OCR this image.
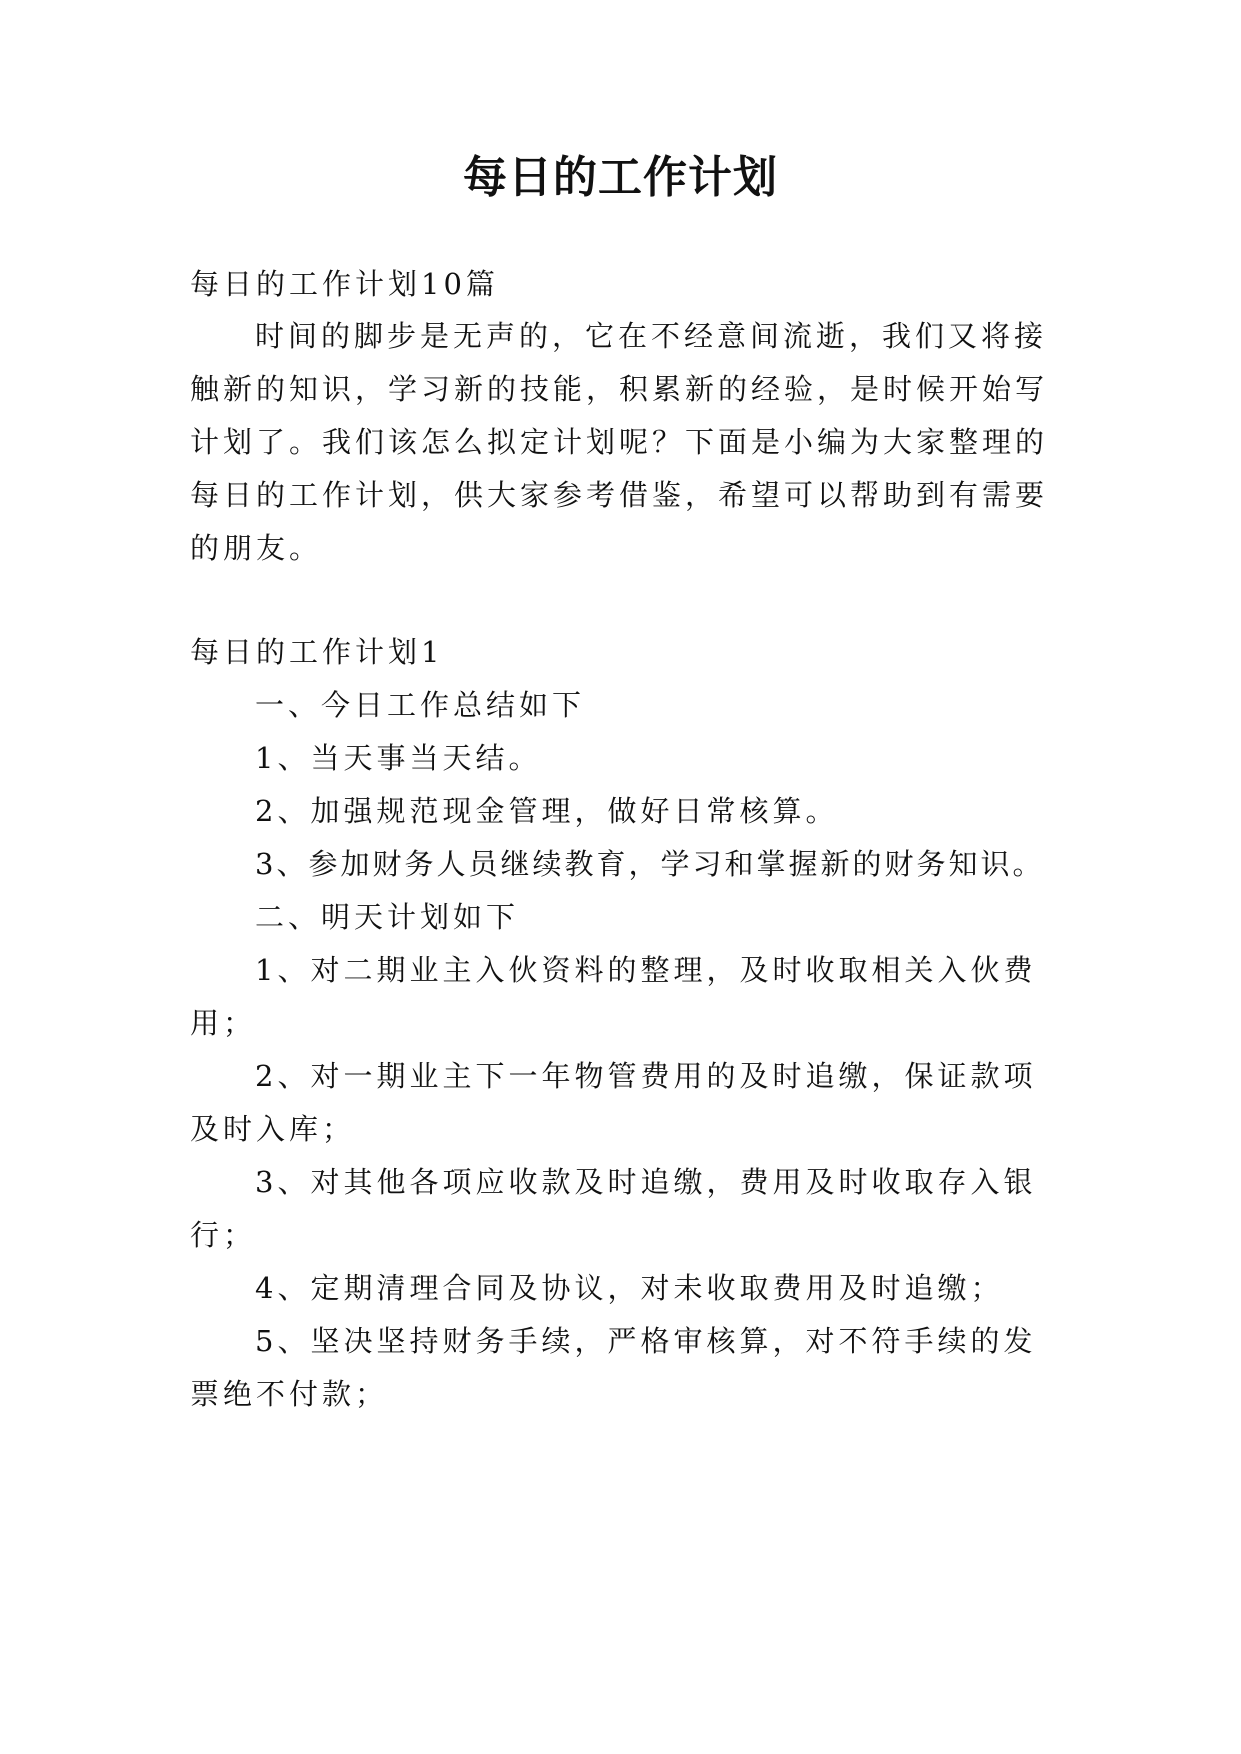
每日的工作计划
每日的工作计划10篇
时间的脚步是无声的，它在不经意间流逝，我们又将接
触新的知识，学习新的技能，积累新的经验，是时候开始写
计划了。我们该怎么拟定计划呢？下面是小编为大家整理的
每日的工作计划，供大家参考借鉴，希望可以帮助到有需要
的朋友。
每日的工作计划1
一、今日工作总结如下
1、当天事当天结。
2、加强规范现金管理，做好日常核算。
3、参加财务人员继续教育，学习和掌握新的财务知识。
二、明天计划如下
1、对二期业主入伙资料的整理，及时收取相关入伙费
用；
2、对一期业主下一年物管费用的及时追缴，保证款项
及时入库；
3、对其他各项应收款及时追缴，费用及时收取存入银
行；
4、定期清理合同及协议，对未收取费用及时追缴；
5、坚决坚持财务手续，严格审核算，对不符手续的发
票绝不付款；
